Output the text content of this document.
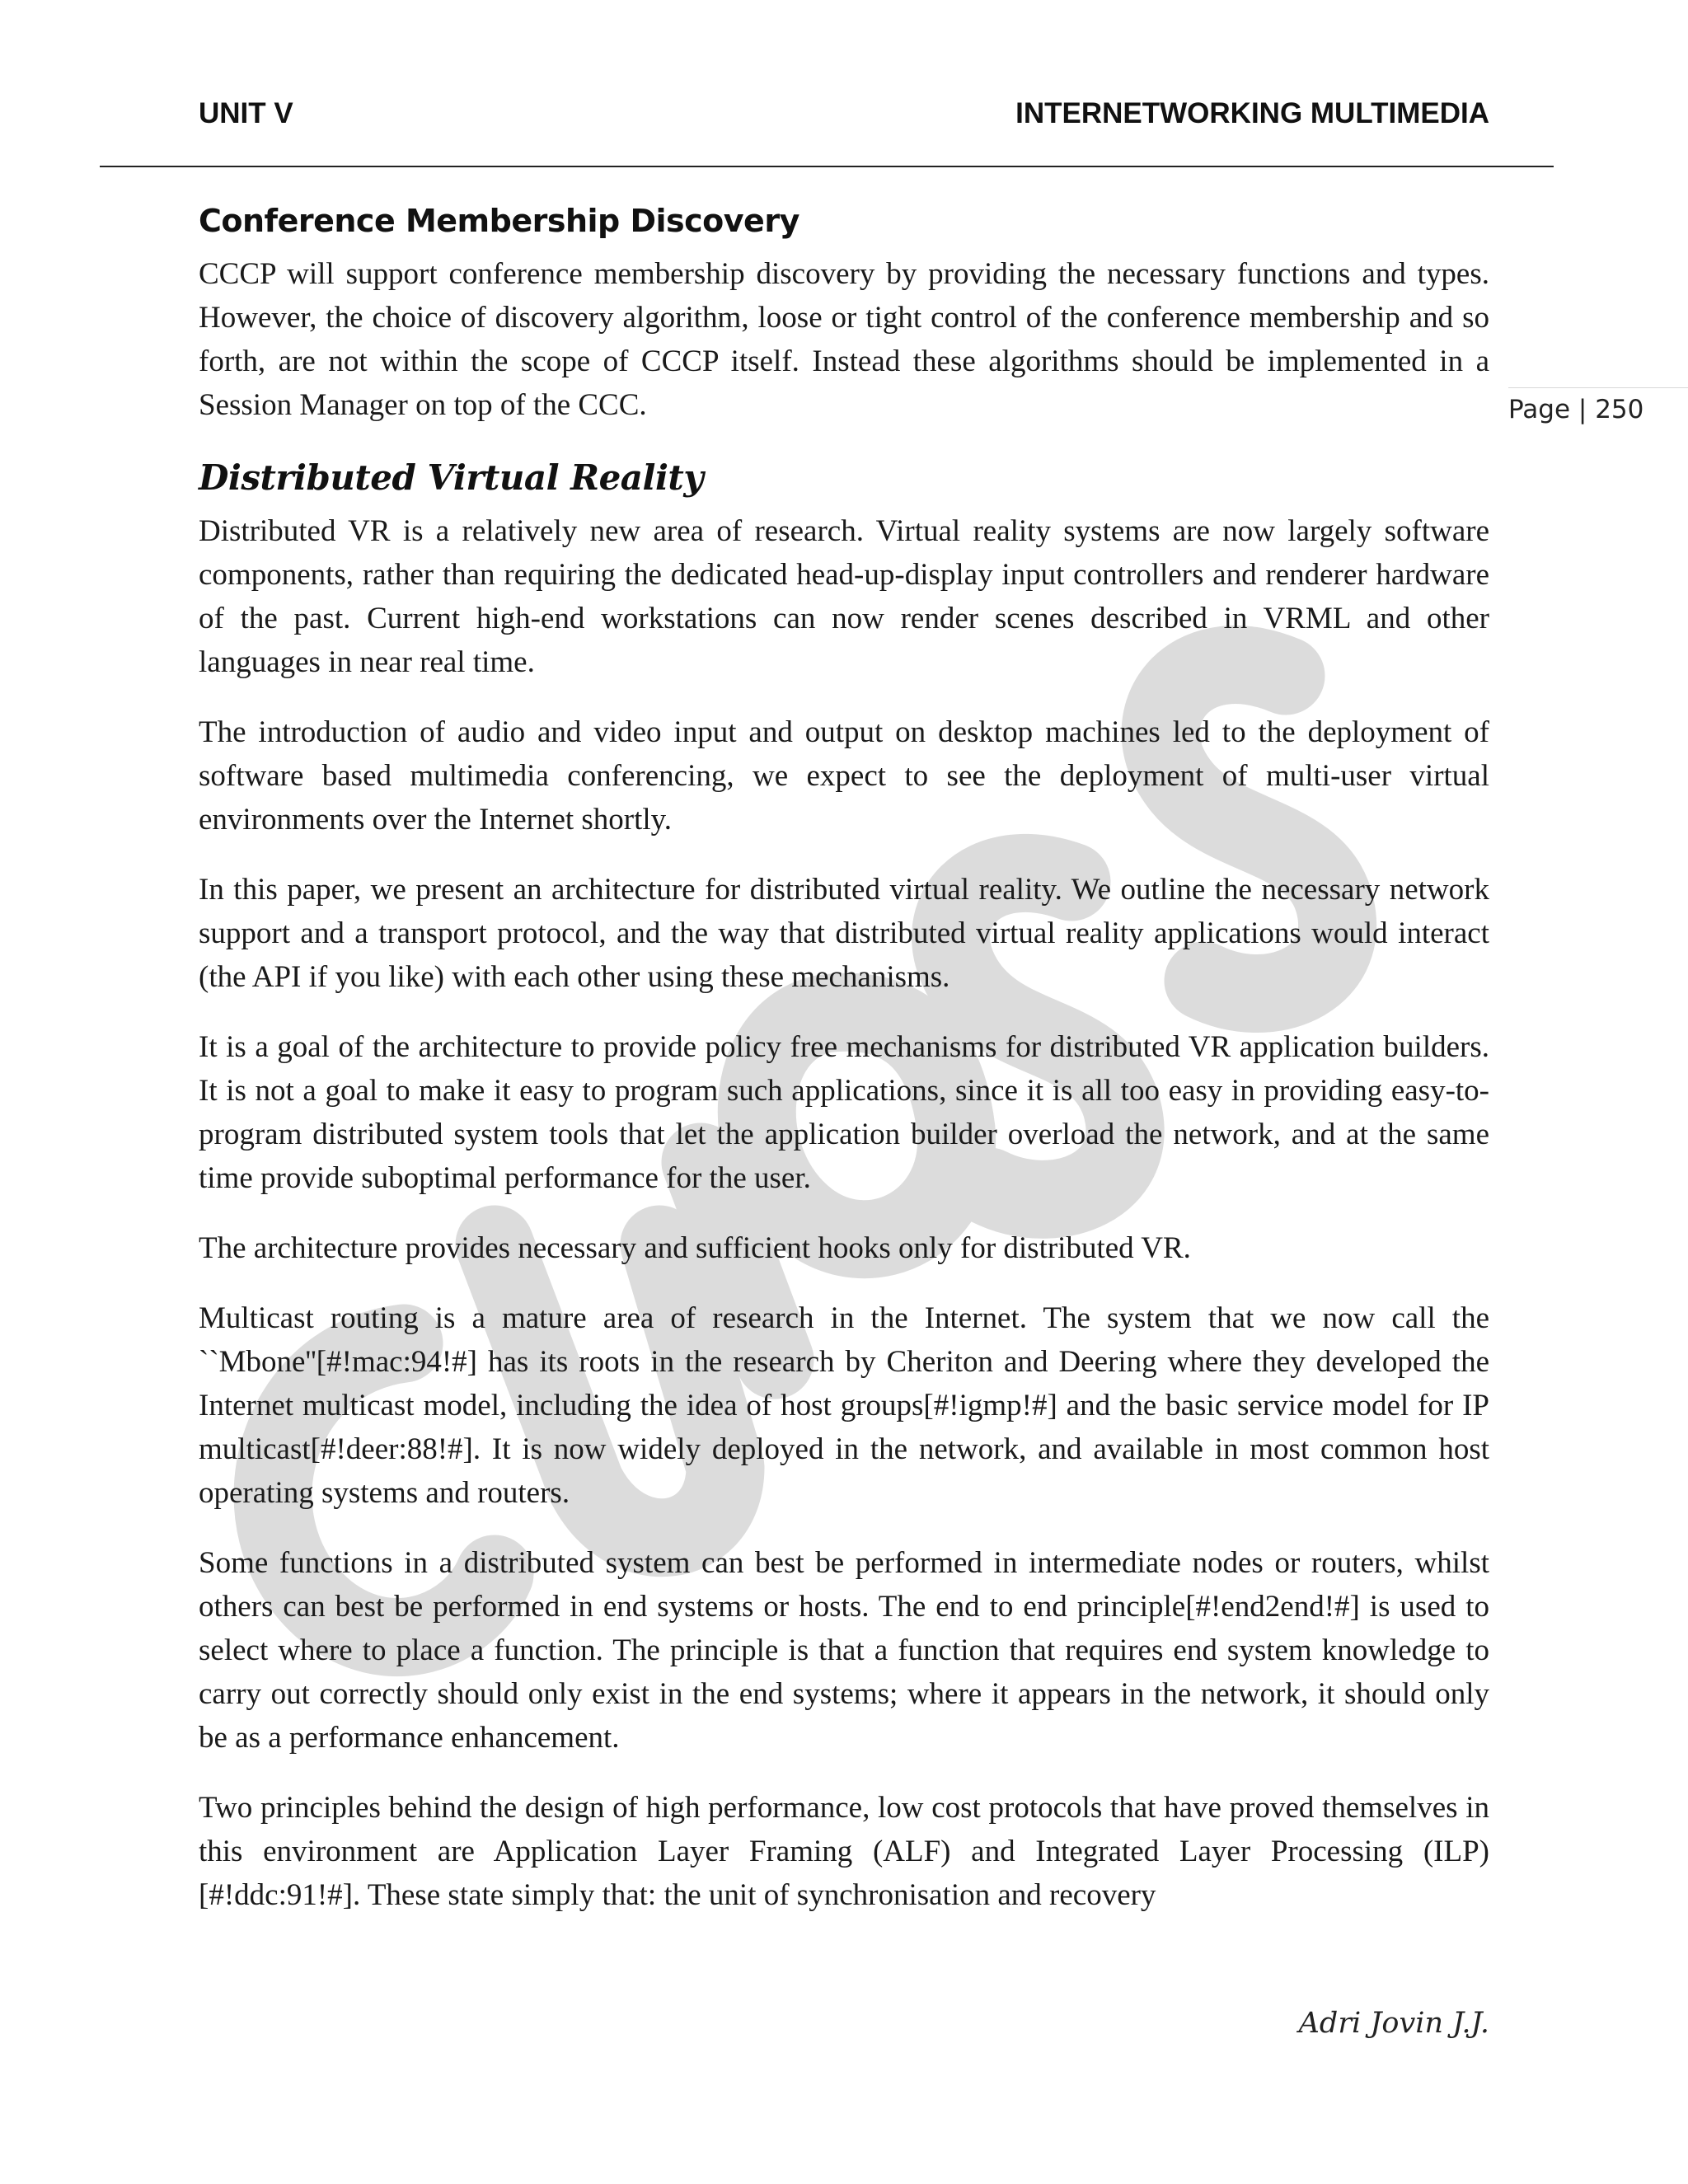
UNIT V	INTERNETWORKING MULTIMEDIA
Page | 250
Conference Membership Discovery

CCCP will support conference membership discovery by providing the necessary functions and types. However, the choice of discovery algorithm, loose or tight control of the conference membership and so forth, are not within the scope of CCCP itself. Instead these algorithms should be implemented in a Session Manager on top of the CCC.

Distributed Virtual Reality

Distributed VR is a relatively new area of research. Virtual reality systems are now largely software components, rather than requiring the dedicated head-up-display input controllers and renderer hardware of the past. Current high-end workstations can now render scenes described in VRML and other languages in near real time.

The introduction of audio and video input and output on desktop machines led to the deployment of software based multimedia conferencing, we expect to see the deployment of multi-user virtual environments over the Internet shortly.

In this paper, we present an architecture for distributed virtual reality. We outline the necessary network support and a transport protocol, and the way that distributed virtual reality applications would interact (the API if you like) with each other using these mechanisms.

It is a goal of the architecture to provide policy free mechanisms for distributed VR application builders. It is not a goal to make it easy to program such applications, since it is all too easy in providing easy-to-program distributed system tools that let the application builder overload the network, and at the same time provide suboptimal performance for the user.

The architecture provides necessary and sufficient hooks only for distributed VR.

Multicast routing is a mature area of research in the Internet. The system that we now call the ``Mbone''[#!mac:94!#] has its roots in the research by Cheriton and Deering where they developed the Internet multicast model, including the idea of host groups[#!igmp!#] and the basic service model for IP multicast[#!deer:88!#]. It is now widely deployed in the network, and available in most common host operating systems and routers.

Some functions in a distributed system can best be performed in intermediate nodes or routers, whilst others can best be performed in end systems or hosts. The end to end principle[#!end2end!#] is used to select where to place a function. The principle is that a function that requires end system knowledge to carry out correctly should only exist in the end systems; where it appears in the network, it should only be as a performance enhancement.

Two principles behind the design of high performance, low cost protocols that have proved themselves in this environment are Application Layer Framing (ALF) and Integrated Layer Processing (ILP)[#!ddc:91!#]. These state simply that: the unit of synchronisation and recovery

Adri Jovin J.J.
